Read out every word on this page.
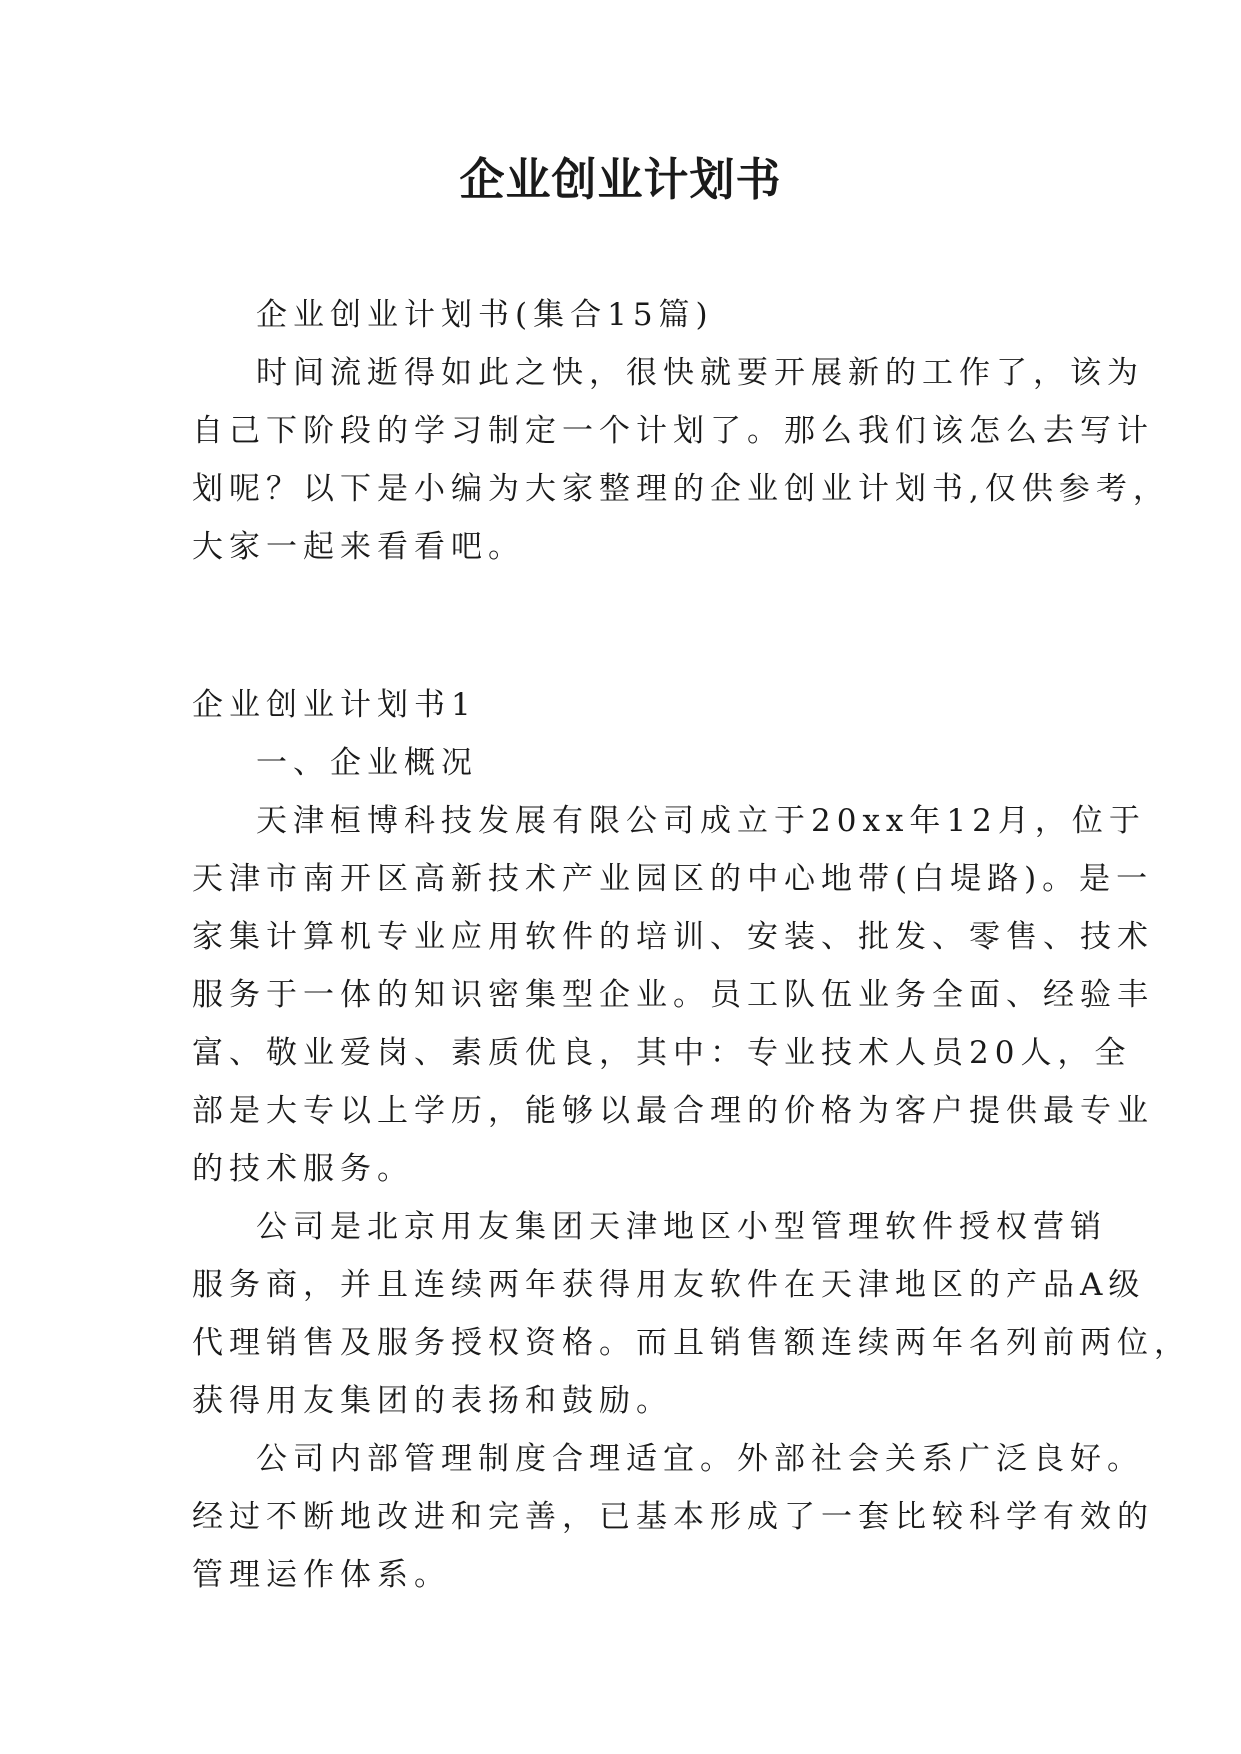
企业创业计划书
企业创业计划书(集合15篇)
时间流逝得如此之快，很快就要开展新的工作了，该为
自己下阶段的学习制定一个计划了。那么我们该怎么去写计
划呢？以下是小编为大家整理的企业创业计划书,仅供参考，
大家一起来看看吧。
企业创业计划书1
一、企业概况
天津桓博科技发展有限公司成立于20xx年12月，位于
天津市南开区高新技术产业园区的中心地带(白堤路)。是一
家集计算机专业应用软件的培训、安装、批发、零售、技术
服务于一体的知识密集型企业。员工队伍业务全面、经验丰
富、敬业爱岗、素质优良，其中：专业技术人员20人，全
部是大专以上学历，能够以最合理的价格为客户提供最专业
的技术服务。
公司是北京用友集团天津地区小型管理软件授权营销
服务商，并且连续两年获得用友软件在天津地区的产品A级
代理销售及服务授权资格。而且销售额连续两年名列前两位，
获得用友集团的表扬和鼓励。
公司内部管理制度合理适宜。外部社会关系广泛良好。
经过不断地改进和完善，已基本形成了一套比较科学有效的
管理运作体系。
